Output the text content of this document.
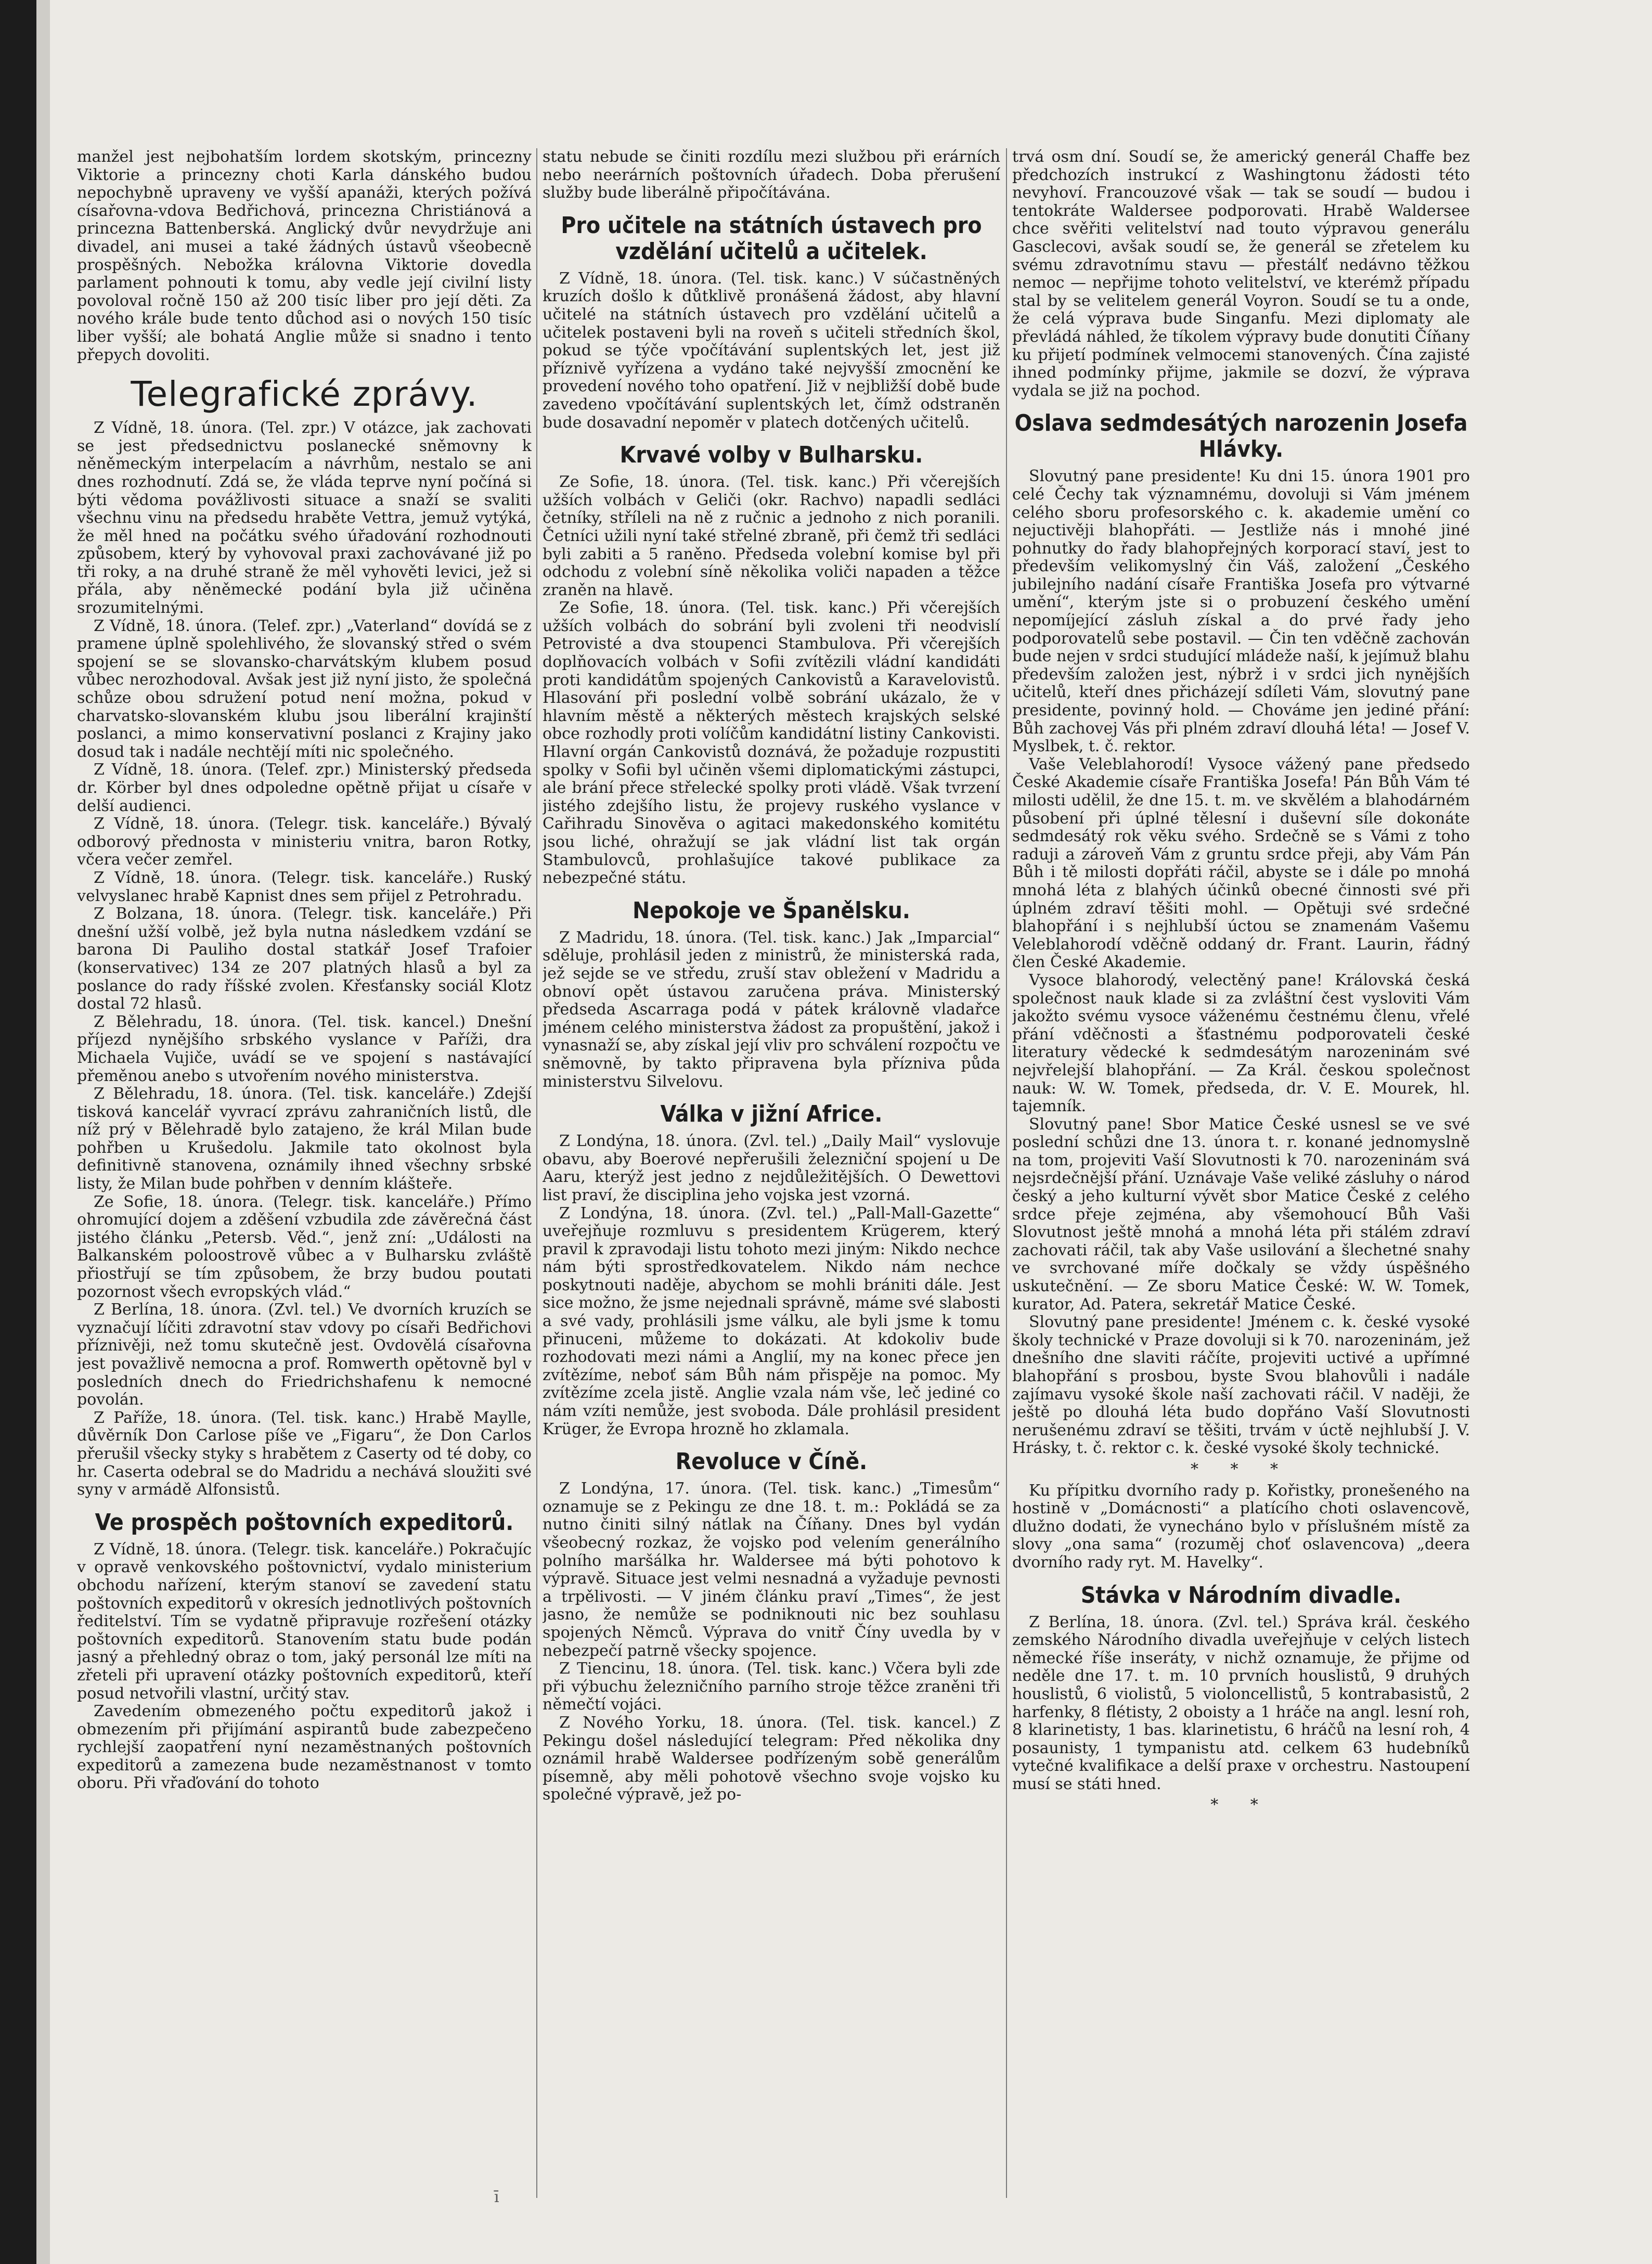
manžel jest nejbohatším lordem skotským, princezny Viktorie a princezny choti Karla dánského budou nepochybně upraveny ve vyšší apanáži, kterých požívá císařovna-vdova Bedřichová, princezna Christiánová a princezna Battenberská. Anglický dvůr nevydržuje ani divadel, ani musei a také žádných ústavů všeobecně prospěšných. Nebožka královna Viktorie dovedla parlament pohnouti k tomu, aby vedle její civilní listy povoloval ročně 150 až 200 tisíc liber pro její děti. Za nového krále bude tento důchod asi o nových 150 tisíc liber vyšší; ale bohatá Anglie může si snadno i tento přepych dovoliti.

Telegrafické zprávy.

Z Vídně, 18. února. (Tel. zpr.) V otázce, jak zachovati se jest předsednictvu poslanecké sněmovny k něněmeckým interpelacím a návrhům, nestalo se ani dnes rozhodnutí. Zdá se, že vláda teprve nyní počíná si býti vědoma povážlivosti situace a snaží se svaliti všechnu vinu na předsedu hraběte Vettra, jemuž vytýká, že měl hned na počátku svého úřadování rozhodnouti způsobem, který by vyhovoval praxi zachovávané již po tři roky, a na druhé straně že měl vyhověti levici, jež si přála, aby něněmecké podání byla již učiněna srozumitelnými.

Z Vídně, 18. února. (Telef. zpr.) „Vaterland“ dovídá se z pramene úplně spolehlivého, že slovanský střed o svém spojení se se slovansko-charvátským klubem posud vůbec nerozhodoval. Avšak jest již nyní jisto, že společná schůze obou sdružení potud není možna, pokud v charvatsko-slovanském klubu jsou liberální krajinští poslanci, a mimo konservativní poslanci z Krajiny jako dosud tak i nadále nechtějí míti nic společného.

Z Vídně, 18. února. (Telef. zpr.) Ministerský předseda dr. Körber byl dnes odpoledne opětně přijat u císaře v delší audienci.

Z Vídně, 18. února. (Telegr. tisk. kanceláře.) Bývalý odborový přednosta v ministeriu vnitra, baron Rotky, včera večer zemřel.

Z Vídně, 18. února. (Telegr. tisk. kanceláře.) Ruský velvyslanec hrabě Kapnist dnes sem přijel z Petrohradu.

Z Bolzana, 18. února. (Telegr. tisk. kanceláře.) Při dnešní užší volbě, jež byla nutna následkem vzdání se barona Di Pauliho dostal statkář Josef Trafoier (konservativec) 134 ze 207 platných hlasů a byl za poslance do rady říšské zvolen. Křesťansky sociál Klotz dostal 72 hlasů.

Z Bělehradu, 18. února. (Tel. tisk. kancel.) Dnešní příjezd nynějšího srbského vyslance v Paříži, dra Michaela Vujiče, uvádí se ve spojení s nastávající přeměnou anebo s utvořením nového ministerstva.

Z Bělehradu, 18. února. (Tel. tisk. kanceláře.) Zdejší tisková kancelář vyvrací zprávu zahraničních listů, dle níž prý v Bělehradě bylo zatajeno, že král Milan bude pohřben u Krušedolu. Jakmile tato okolnost byla definitivně stanovena, oznámily ihned všechny srbské listy, že Milan bude pohřben v denním klášteře.

Ze Sofie, 18. února. (Telegr. tisk. kanceláře.) Přímo ohromující dojem a zděšení vzbudila zde závěrečná část jistého článku „Petersb. Věd.“, jenž zní: „Události na Balkanském poloostrově vůbec a v Bulharsku zvláště přiostřují se tím způsobem, že brzy budou poutati pozornost všech evropských vlád.“

Z Berlína, 18. února. (Zvl. tel.) Ve dvorních kruzích se vyznačují líčiti zdravotní stav vdovy po císaři Bedřichovi příznivěji, než tomu skutečně jest. Ovdovělá císařovna jest považlivě nemocna a prof. Romwerth opětovně byl v posledních dnech do Friedrichshafenu k nemocné povolán.

Z Paříže, 18. února. (Tel. tisk. kanc.) Hrabě Maylle, důvěrník Don Carlose píše ve „Figaru“, že Don Carlos přerušil všecky styky s hrabětem z Caserty od té doby, co hr. Caserta odebral se do Madridu a nechává sloužiti své syny v armádě Alfonsistů.

Ve prospěch poštovních expeditorů.

Z Vídně, 18. února. (Telegr. tisk. kanceláře.) Pokračujíc v opravě venkovského poštovnictví, vydalo ministerium obchodu nařízení, kterým stanoví se zavedení statu poštovních expeditorů v okresích jednotlivých poštovních ředitelství. Tím se vydatně připravuje rozřešení otázky poštovních expeditorů. Stanovením statu bude podán jasný a přehledný obraz o tom, jaký personál lze míti na zřeteli při upravení otázky poštovních expeditorů, kteří posud netvořili vlastní, určitý stav.

Zavedením obmezeného počtu expeditorů jakož i obmezením při přijímání aspirantů bude zabezpečeno rychlejší zaopatření nyní nezaměstnaných poštovních expeditorů a zamezena bude nezaměstnanost v tomto oboru. Při vřaďování do tohoto

statu nebude se činiti rozdílu mezi službou při erárních nebo neerárních poštovních úřadech. Doba přerušení služby bude liberálně připočítávána.

Pro učitele na státních ústavech pro vzdělání učitelů a učitelek.

Z Vídně, 18. února. (Tel. tisk. kanc.) V súčastněných kruzích došlo k důtklivě pronášená žádost, aby hlavní učitelé na státních ústavech pro vzdělání učitelů a učitelek postaveni byli na roveň s učiteli středních škol, pokud se týče vpočítávání suplentských let, jest již příznivě vyřízena a vydáno také nejvyšší zmocnění ke provedení nového toho opatření. Již v nejbližší době bude zavedeno vpočítávání suplentských let, čímž odstraněn bude dosavadní nepoměr v platech dotčených učitelů.

Krvavé volby v Bulharsku.

Ze Sofie, 18. února. (Tel. tisk. kanc.) Při včerejších užších volbách v Geliči (okr. Rachvo) napadli sedláci četníky, stříleli na ně z ručnic a jednoho z nich poranili. Četníci užili nyní také střelné zbraně, při čemž tři sedláci byli zabiti a 5 raněno. Předseda volební komise byl při odchodu z volební síně několika voliči napaden a těžce zraněn na hlavě.

Ze Sofie, 18. února. (Tel. tisk. kanc.) Při včerejších užších volbách do sobrání byli zvoleni tři neodvislí Petrovisté a dva stoupenci Stambulova. Při včerejších doplňovacích volbách v Sofii zvítězili vládní kandidáti proti kandidátům spojených Cankovistů a Karavelovistů. Hlasování při poslední volbě sobrání ukázalo, že v hlavním městě a některých městech krajských selské obce rozhodly proti volíčům kandidátní listiny Cankovisti. Hlavní orgán Cankovistů doznává, že požaduje rozpustiti spolky v Sofii byl učiněn všemi diplomatickými zástupci, ale brání přece střelecké spolky proti vládě. Však tvrzení jistého zdejšího listu, že projevy ruského vyslance v Cařihradu Sinověva o agitaci makedonského komitétu jsou liché, ohražují se jak vládní list tak orgán Stambulovců, prohlašujíce takové publikace za nebezpečné státu.

Nepokoje ve Španělsku.

Z Madridu, 18. února. (Tel. tisk. kanc.) Jak „Imparcial“ sděluje, prohlásil jeden z ministrů, že ministerská rada, jež sejde se ve středu, zruší stav obležení v Madridu a obnoví opět ústavou zaručena práva. Ministerský předseda Ascarraga podá v pátek královně vladařce jménem celého ministerstva žádost za propuštění, jakož i vynasnaží se, aby získal její vliv pro schválení rozpočtu ve sněmovně, by takto připravena byla přízniva půda ministerstvu Silvelovu.

Válka v jižní Africe.

Z Londýna, 18. února. (Zvl. tel.) „Daily Mail“ vyslovuje obavu, aby Boerové nepřerušili železniční spojení u De Aaru, kterýž jest jedno z nejdůležitějších. O Dewettovi list praví, že disciplina jeho vojska jest vzorná.

Z Londýna, 18. února. (Zvl. tel.) „Pall-Mall-Gazette“ uveřejňuje rozmluvu s presidentem Krügerem, který pravil k zpravodaji listu tohoto mezi jiným: Nikdo nechce nám býti sprostředkovatelem. Nikdo nám nechce poskytnouti naděje, abychom se mohli brániti dále. Jest sice možno, že jsme nejednali správně, máme své slabosti a své vady, prohlásili jsme válku, ale byli jsme k tomu přinuceni, můžeme to dokázati. At kdokoliv bude rozhodovati mezi námi a Anglií, my na konec přece jen zvítězíme, neboť sám Bůh nám přispěje na pomoc. My zvítězíme zcela jistě. Anglie vzala nám vše, leč jediné co nám vzíti nemůže, jest svoboda. Dále prohlásil president Krüger, že Evropa hrozně ho zklamala.

Revoluce v Číně.

Z Londýna, 17. února. (Tel. tisk. kanc.) „Timesům“ oznamuje se z Pekingu ze dne 18. t. m.: Pokládá se za nutno činiti silný nátlak na Číňany. Dnes byl vydán všeobecný rozkaz, že vojsko pod velením generálního polního maršálka hr. Waldersee má býti pohotovo k výpravě. Situace jest velmi nesnadná a vyžaduje pevnosti a trpělivosti. — V jiném článku praví „Times“, že jest jasno, že nemůže se podniknouti nic bez souhlasu spojených Němců. Výprava do vnitř Číny uvedla by v nebezpečí patrně všecky spojence.

Z Tiencinu, 18. února. (Tel. tisk. kanc.) Včera byli zde při výbuchu železničního parního stroje těžce zraněni tři němečtí vojáci.

Z Nového Yorku, 18. února. (Tel. tisk. kancel.) Z Pekingu došel následující telegram: Před několika dny oznámil hrabě Waldersee podřízeným sobě generálům písemně, aby měli pohotově všechno svoje vojsko ku společné výpravě, jež po-

trvá osm dní. Soudí se, že americký generál Chaffe bez předchozích instrukcí z Washingtonu žádosti této nevyhoví. Francouzové však — tak se soudí — budou i tentokráte Waldersee podporovati. Hrabě Waldersee chce svěřiti velitelství nad touto výpravou generálu Gasclecovi, avšak soudí se, že generál se zřetelem ku svému zdravotnímu stavu — přestálť nedávno těžkou nemoc — nepřijme tohoto velitelství, ve kterémž případu stal by se velitelem generál Voyron. Soudí se tu a onde, že celá výprava bude Singanfu. Mezi diplomaty ale převládá náhled, že tíkolem výpravy bude donutiti Číňany ku přijetí podmínek velmocemi stanovených. Čína zajisté ihned podmínky přijme, jakmile se dozví, že výprava vydala se již na pochod.

Oslava sedmdesátých narozenin Josefa Hlávky.

Slovutný pane presidente! Ku dni 15. února 1901 pro celé Čechy tak významnému, dovoluji si Vám jménem celého sboru profesorského c. k. akademie umění co nejuctivěji blahopřáti. — Jestliže nás i mnohé jiné pohnutky do řady blahopřejných korporací staví, jest to především velikomyslný čin Váš, založení „Českého jubilejního nadání císaře Františka Josefa pro výtvarné umění“, kterým jste si o probuzení českého umění nepomíjející zásluh získal a do prvé řady jeho podporovatelů sebe postavil. — Čin ten vděčně zachován bude nejen v srdci studující mládeže naší, k jejímuž blahu především založen jest, nýbrž i v srdci jich nynějších učitelů, kteří dnes přicházejí sdíleti Vám, slovutný pane presidente, povinný hold. — Chováme jen jediné přání: Bůh zachovej Vás při plném zdraví dlouhá léta! — Josef V. Myslbek, t. č. rektor.

Vaše Veleblahorodí! Vysoce vážený pane předsedo České Akademie císaře Františka Josefa! Pán Bůh Vám té milosti udělil, že dne 15. t. m. ve skvělém a blahodárném působení při úplné tělesní i duševní síle dokonáte sedmdesátý rok věku svého. Srdečně se s Vámi z toho raduji a zároveň Vám z gruntu srdce přeji, aby Vám Pán Bůh i tě milosti dopřáti ráčil, abyste se i dále po mnohá mnohá léta z blahých účinků obecné činnosti své při úplném zdraví těšiti mohl. — Opětuji své srdečné blahopřání i s nejhlubší úctou se znamenám Vašemu Veleblahorodí vděčně oddaný dr. Frant. Laurin, řádný člen České Akademie.

Vysoce blahorodý, velectěný pane! Královská česká společnost nauk klade si za zvláštní čest vysloviti Vám jakožto svému vysoce váženému čestnému členu, vřelé přání vděčnosti a šťastnému podporovateli české literatury vědecké k sedmdesátým narozeninám své nejvřelejší blahopřání. — Za Král. českou společnost nauk: W. W. Tomek, předseda, dr. V. E. Mourek, hl. tajemník.

Slovutný pane! Sbor Matice České usnesl se ve své poslední schůzi dne 13. února t. r. konané jednomyslně na tom, projeviti Vaší Slovutnosti k 70. narozeninám svá nejsrdečnější přání. Uznávaje Vaše veliké zásluhy o národ český a jeho kulturní vývět sbor Matice České z celého srdce přeje zejména, aby všemohoucí Bůh Vaši Slovutnost ještě mnohá a mnohá léta při stálém zdraví zachovati ráčil, tak aby Vaše usilování a šlechetné snahy ve svrchované míře dočkaly se vždy úspěšného uskutečnění. — Ze sboru Matice České: W. W. Tomek, kurator, Ad. Patera, sekretář Matice České.

Slovutný pane presidente! Jménem c. k. české vysoké školy technické v Praze dovoluji si k 70. narozeninám, jež dnešního dne slaviti ráčíte, projeviti uctivé a upřímné blahopřání s prosbou, byste Svou blahovůli i nadále zajímavu vysoké škole naší zachovati ráčil. V naději, že ještě po dlouhá léta budo dopřáno Vaší Slovutnosti nerušenému zdraví se těšiti, trvám v úctě nejhlubší J. V. Hrásky, t. č. rektor c. k. české vysoké školy technické.

* * *

Ku přípitku dvorního rady p. Kořistky, pronešeného na hostině v „Domácnosti“ a platícího choti oslavencově, dlužno dodati, že vynecháno bylo v příslušném místě za slovy „ona sama“ (rozuměj choť oslavencova) „deera dvorního rady ryt. M. Havelky“.

Stávka v Národním divadle.

Z Berlína, 18. února. (Zvl. tel.) Správa král. českého zemského Národního divadla uveřejňuje v celých listech německé říše inseráty, v nichž oznamuje, že přijme od neděle dne 17. t. m. 10 prvních houslistů, 9 druhých houslistů, 6 violistů, 5 violoncellistů, 5 kontrabasistů, 2 harfenky, 8 flétisty, 2 oboisty a 1 hráče na angl. lesní roh, 8 klarinetisty, 1 bas. klarinetistu, 6 hráčů na lesní roh, 4 posaunisty, 1 tympanistu atd. celkem 63 hudebníků vytečné kvalifikace a delší praxe v orchestru. Nastoupení musí se státi hned.

* *
ī
